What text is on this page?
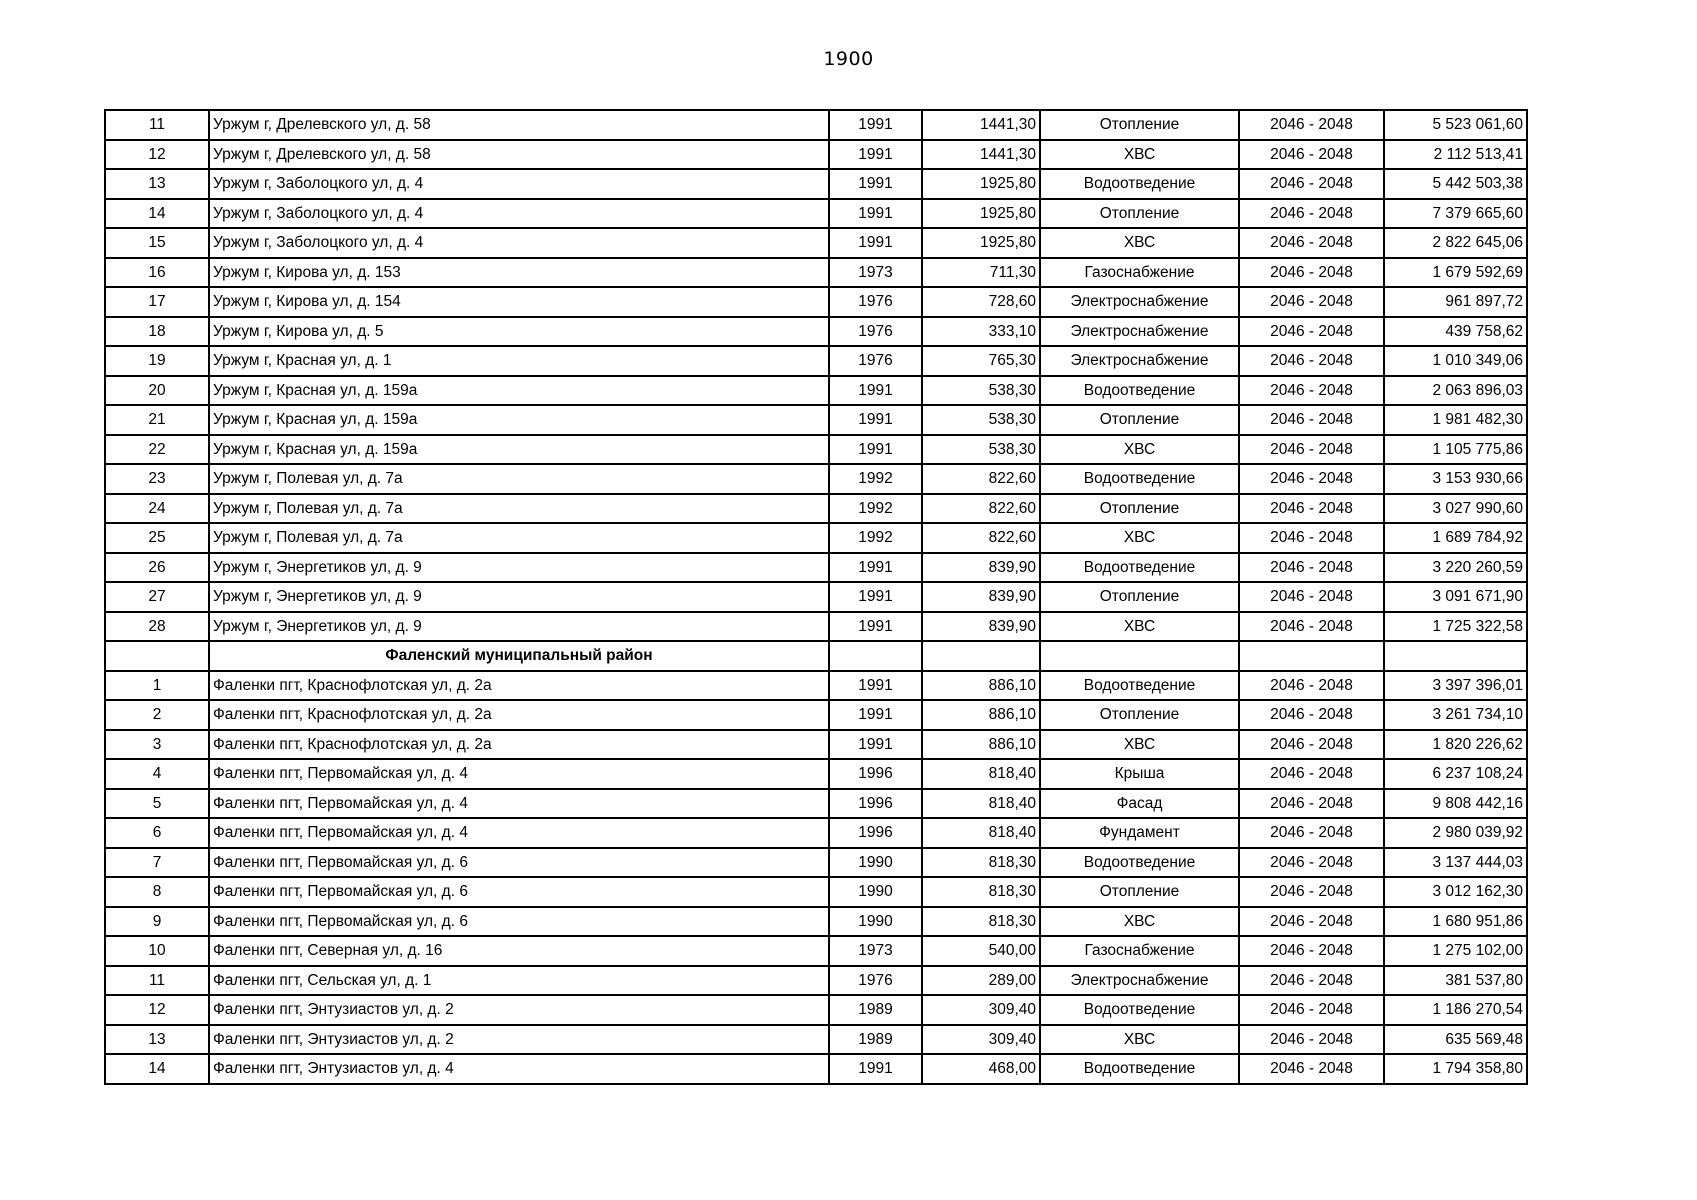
1900
11	Уржум г, Дрелевского ул, д. 58	1991	1441,30	Отопление	2046 - 2048	5 523 061,60
12	Уржум г, Дрелевского ул, д. 58	1991	1441,30	ХВС	2046 - 2048	2 112 513,41
13	Уржум г, Заболоцкого ул, д. 4	1991	1925,80	Водоотведение	2046 - 2048	5 442 503,38
14	Уржум г, Заболоцкого ул, д. 4	1991	1925,80	Отопление	2046 - 2048	7 379 665,60
15	Уржум г, Заболоцкого ул, д. 4	1991	1925,80	ХВС	2046 - 2048	2 822 645,06
16	Уржум г, Кирова ул, д. 153	1973	711,30	Газоснабжение	2046 - 2048	1 679 592,69
17	Уржум г, Кирова ул, д. 154	1976	728,60	Электроснабжение	2046 - 2048	961 897,72
18	Уржум г, Кирова ул, д. 5	1976	333,10	Электроснабжение	2046 - 2048	439 758,62
19	Уржум г, Красная ул, д. 1	1976	765,30	Электроснабжение	2046 - 2048	1 010 349,06
20	Уржум г, Красная ул, д. 159а	1991	538,30	Водоотведение	2046 - 2048	2 063 896,03
21	Уржум г, Красная ул, д. 159а	1991	538,30	Отопление	2046 - 2048	1 981 482,30
22	Уржум г, Красная ул, д. 159а	1991	538,30	ХВС	2046 - 2048	1 105 775,86
23	Уржум г, Полевая ул, д. 7а	1992	822,60	Водоотведение	2046 - 2048	3 153 930,66
24	Уржум г, Полевая ул, д. 7а	1992	822,60	Отопление	2046 - 2048	3 027 990,60
25	Уржум г, Полевая ул, д. 7а	1992	822,60	ХВС	2046 - 2048	1 689 784,92
26	Уржум г, Энергетиков ул, д. 9	1991	839,90	Водоотведение	2046 - 2048	3 220 260,59
27	Уржум г, Энергетиков ул, д. 9	1991	839,90	Отопление	2046 - 2048	3 091 671,90
28	Уржум г, Энергетиков ул, д. 9	1991	839,90	ХВС	2046 - 2048	1 725 322,58
	Фаленский муниципальный район					
1	Фаленки пгт, Краснофлотская ул, д. 2а	1991	886,10	Водоотведение	2046 - 2048	3 397 396,01
2	Фаленки пгт, Краснофлотская ул, д. 2а	1991	886,10	Отопление	2046 - 2048	3 261 734,10
3	Фаленки пгт, Краснофлотская ул, д. 2а	1991	886,10	ХВС	2046 - 2048	1 820 226,62
4	Фаленки пгт, Первомайская ул, д. 4	1996	818,40	Крыша	2046 - 2048	6 237 108,24
5	Фаленки пгт, Первомайская ул, д. 4	1996	818,40	Фасад	2046 - 2048	9 808 442,16
6	Фаленки пгт, Первомайская ул, д. 4	1996	818,40	Фундамент	2046 - 2048	2 980 039,92
7	Фаленки пгт, Первомайская ул, д. 6	1990	818,30	Водоотведение	2046 - 2048	3 137 444,03
8	Фаленки пгт, Первомайская ул, д. 6	1990	818,30	Отопление	2046 - 2048	3 012 162,30
9	Фаленки пгт, Первомайская ул, д. 6	1990	818,30	ХВС	2046 - 2048	1 680 951,86
10	Фаленки пгт, Северная ул, д. 16	1973	540,00	Газоснабжение	2046 - 2048	1 275 102,00
11	Фаленки пгт, Сельская ул, д. 1	1976	289,00	Электроснабжение	2046 - 2048	381 537,80
12	Фаленки пгт, Энтузиастов ул, д. 2	1989	309,40	Водоотведение	2046 - 2048	1 186 270,54
13	Фаленки пгт, Энтузиастов ул, д. 2	1989	309,40	ХВС	2046 - 2048	635 569,48
14	Фаленки пгт, Энтузиастов ул, д. 4	1991	468,00	Водоотведение	2046 - 2048	1 794 358,80
